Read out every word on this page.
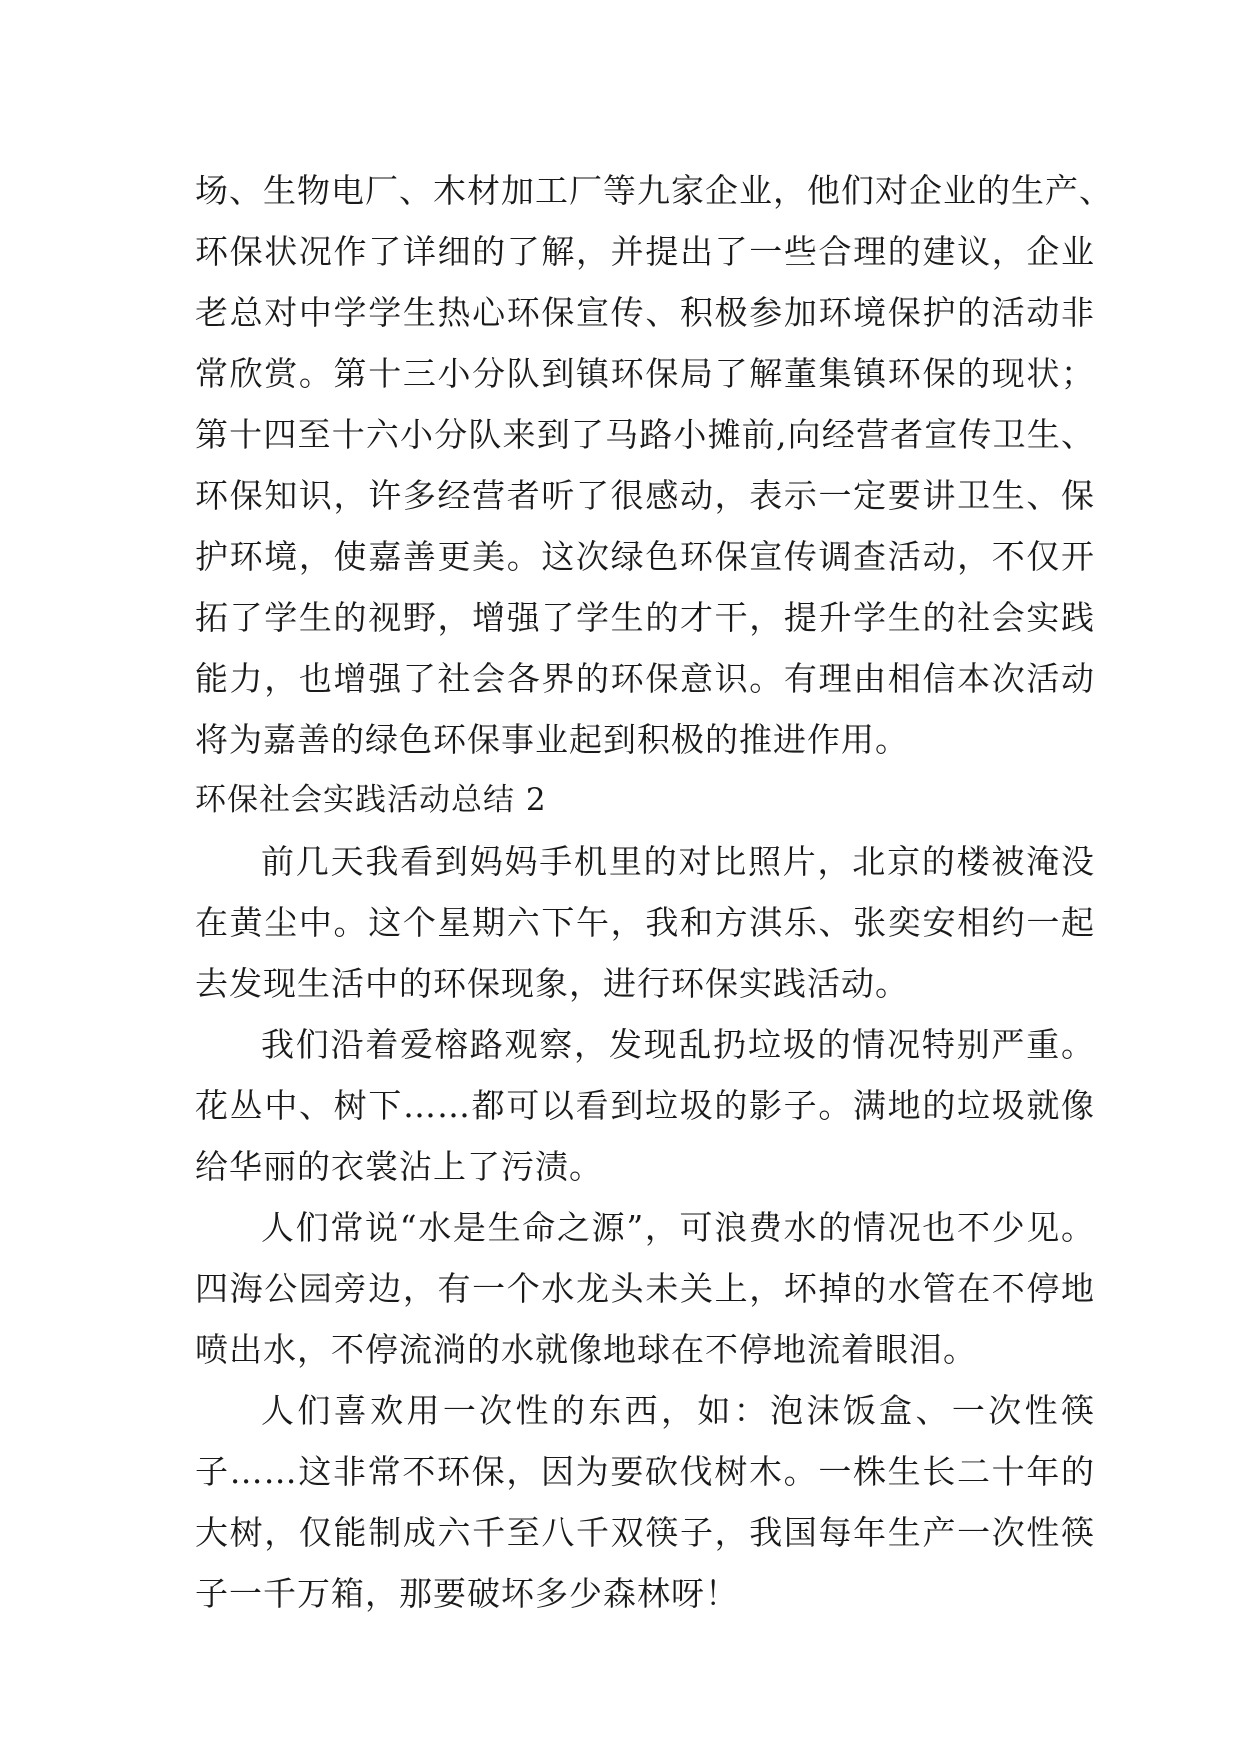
场、生物电厂、木材加工厂等九家企业，他们对企业的生产、
环保状况作了详细的了解，并提出了一些合理的建议，企业
老总对中学学生热心环保宣传、积极参加环境保护的活动非
常欣赏。第十三小分队到镇环保局了解董集镇环保的现状；
第十四至十六小分队来到了马路小摊前,向经营者宣传卫生、
环保知识，许多经营者听了很感动，表示一定要讲卫生、保
护环境，使嘉善更美。这次绿色环保宣传调查活动，不仅开
拓了学生的视野，增强了学生的才干，提升学生的社会实践
能力，也增强了社会各界的环保意识。有理由相信本次活动
将为嘉善的绿色环保事业起到积极的推进作用。
环保社会实践活动总结 2
前几天我看到妈妈手机里的对比照片，北京的楼被淹没
在黄尘中。这个星期六下午，我和方淇乐、张奕安相约一起
去发现生活中的环保现象，进行环保实践活动。
我们沿着爱榕路观察，发现乱扔垃圾的情况特别严重。
花丛中、树下……都可以看到垃圾的影子。满地的垃圾就像
给华丽的衣裳沾上了污渍。
人们常说“水是生命之源”，可浪费水的情况也不少见。
四海公园旁边，有一个水龙头未关上，坏掉的水管在不停地
喷出水，不停流淌的水就像地球在不停地流着眼泪。
人们喜欢用一次性的东西，如：泡沫饭盒、一次性筷
子……这非常不环保，因为要砍伐树木。一株生长二十年的
大树，仅能制成六千至八千双筷子，我国每年生产一次性筷
子一千万箱，那要破坏多少森林呀！
